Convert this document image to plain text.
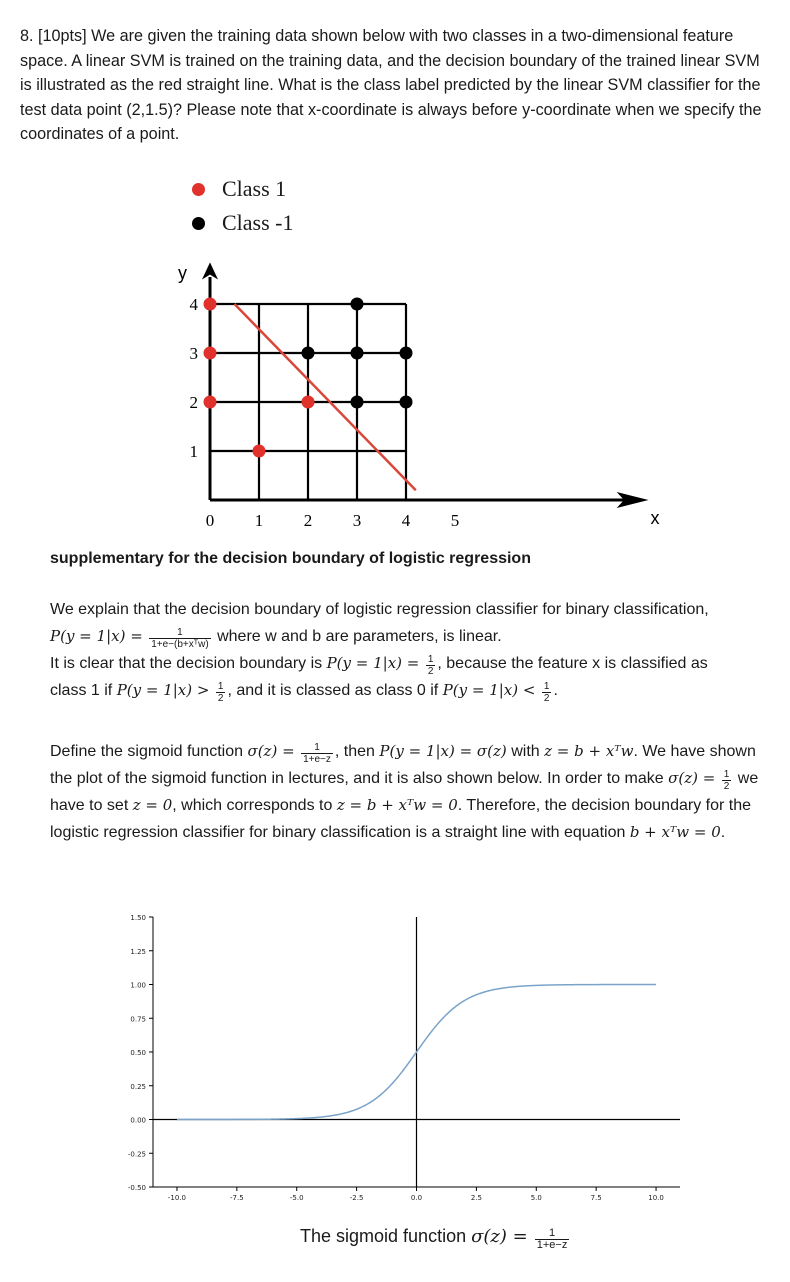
8. [10pts] We are given the training data shown below with two classes in a two-dimensional feature space. A linear SVM is trained on the training data, and the decision boundary of the trained linear SVM is illustrated as the red straight line. What is the class label predicted by the linear SVM classifier for the test data point (2,1.5)? Please note that x-coordinate is always before y-coordinate when we specify the coordinates of a point.

Class 1
Class -1
x
y
0 1 2 3 4 5
1
2
3
4
supplementary for the decision boundary of logistic regression

We explain that the decision boundary of logistic regression classifier for binary classification,
$P(y = 1|x) = \frac{1}{\text{1+e−(b+xᵀw)}}$ where w and b are parameters, is linear.
It is clear that the decision boundary is $P(y = 1|x) = \frac{1}{2}$ , because the feature x is classified as
class 1 if $P(y = 1|x) > \frac{1}{2}$ , and it is classed as class 0 if $P(y = 1|x) < \frac{1}{2}$ .

Define the sigmoid function $\sigma(z) = \frac{1}{1+e-z}$ , then P(y = 1|x) = σ(z) with z = b + xᵀw. We have shown the plot of the sigmoid function in lectures, and it is also shown below. In order to make $\sigma(z) = \frac{1}{2}$ we have to set z = 0, which corresponds to z = b + xᵀw = 0. Therefore, the decision boundary for the logistic regression classifier for binary classification is a straight line with equation b + xᵀw = 0.

-0.50
-0.25
0.00
0.25
0.50
0.75
1.00
1.25
1.50
-10.0	-7.5	-5.0	-2.5	0.0	2.5	5.0	7.5	10.0
The sigmoid function $\sigma(z) = \frac{1}{1+e-z}$
